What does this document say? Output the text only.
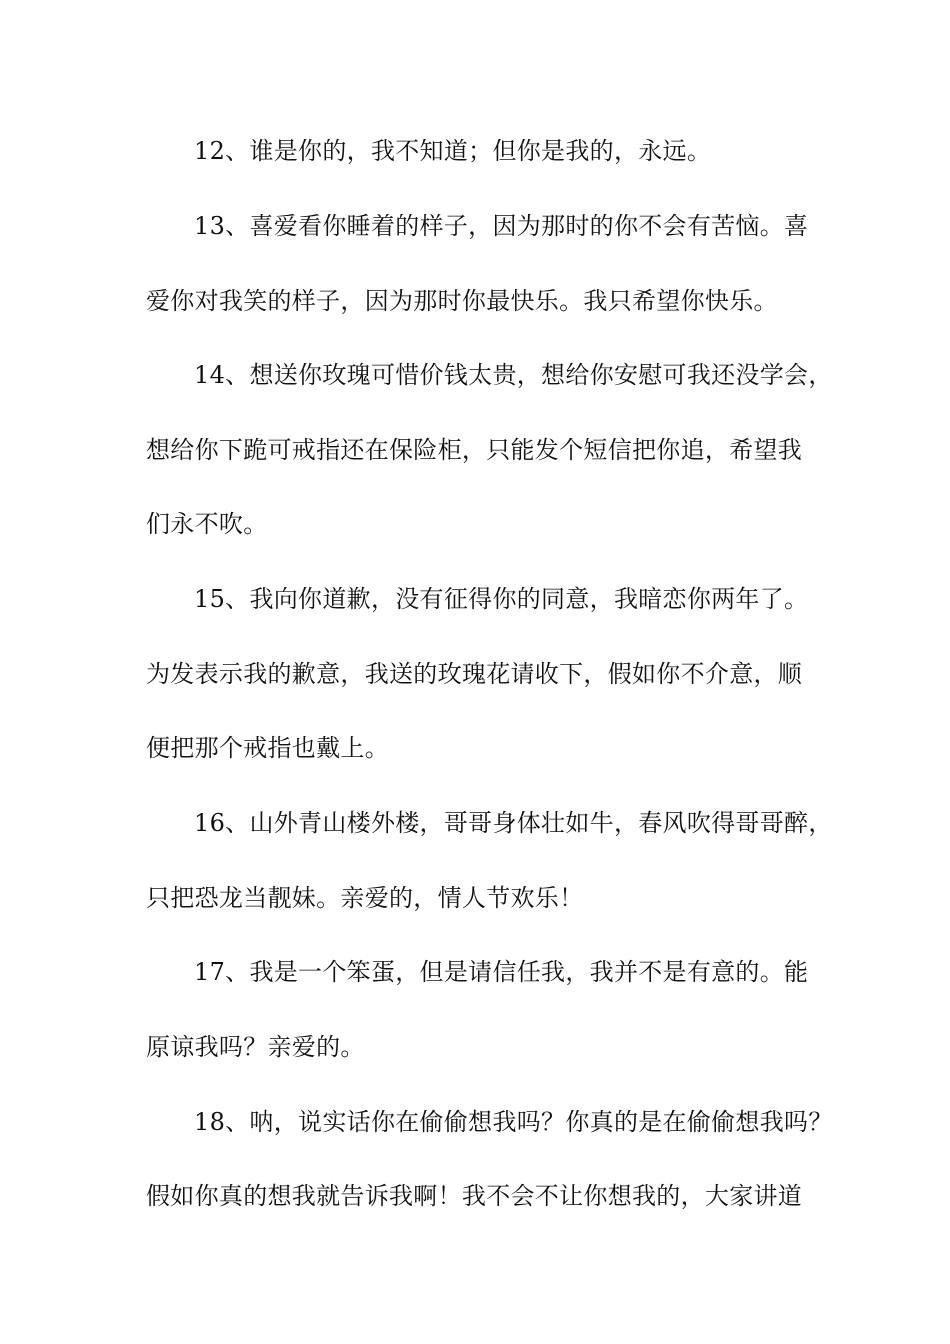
12、谁是你的，我不知道；但你是我的，永远。
13、喜爱看你睡着的样子，因为那时的你不会有苦恼。喜
爱你对我笑的样子，因为那时你最快乐。我只希望你快乐。
14、想送你玫瑰可惜价钱太贵，想给你安慰可我还没学会，
想给你下跪可戒指还在保险柜，只能发个短信把你追，希望我
们永不吹。
15、我向你道歉，没有征得你的同意，我暗恋你两年了。
为发表示我的歉意，我送的玫瑰花请收下，假如你不介意，顺
便把那个戒指也戴上。
16、山外青山楼外楼，哥哥身体壮如牛，春风吹得哥哥醉，
只把恐龙当靓妹。亲爱的，情人节欢乐！
17、我是一个笨蛋，但是请信任我，我并不是有意的。能
原谅我吗？亲爱的。
18、呐，说实话你在偷偷想我吗？你真的是在偷偷想我吗？
假如你真的想我就告诉我啊！我不会不让你想我的，大家讲道
